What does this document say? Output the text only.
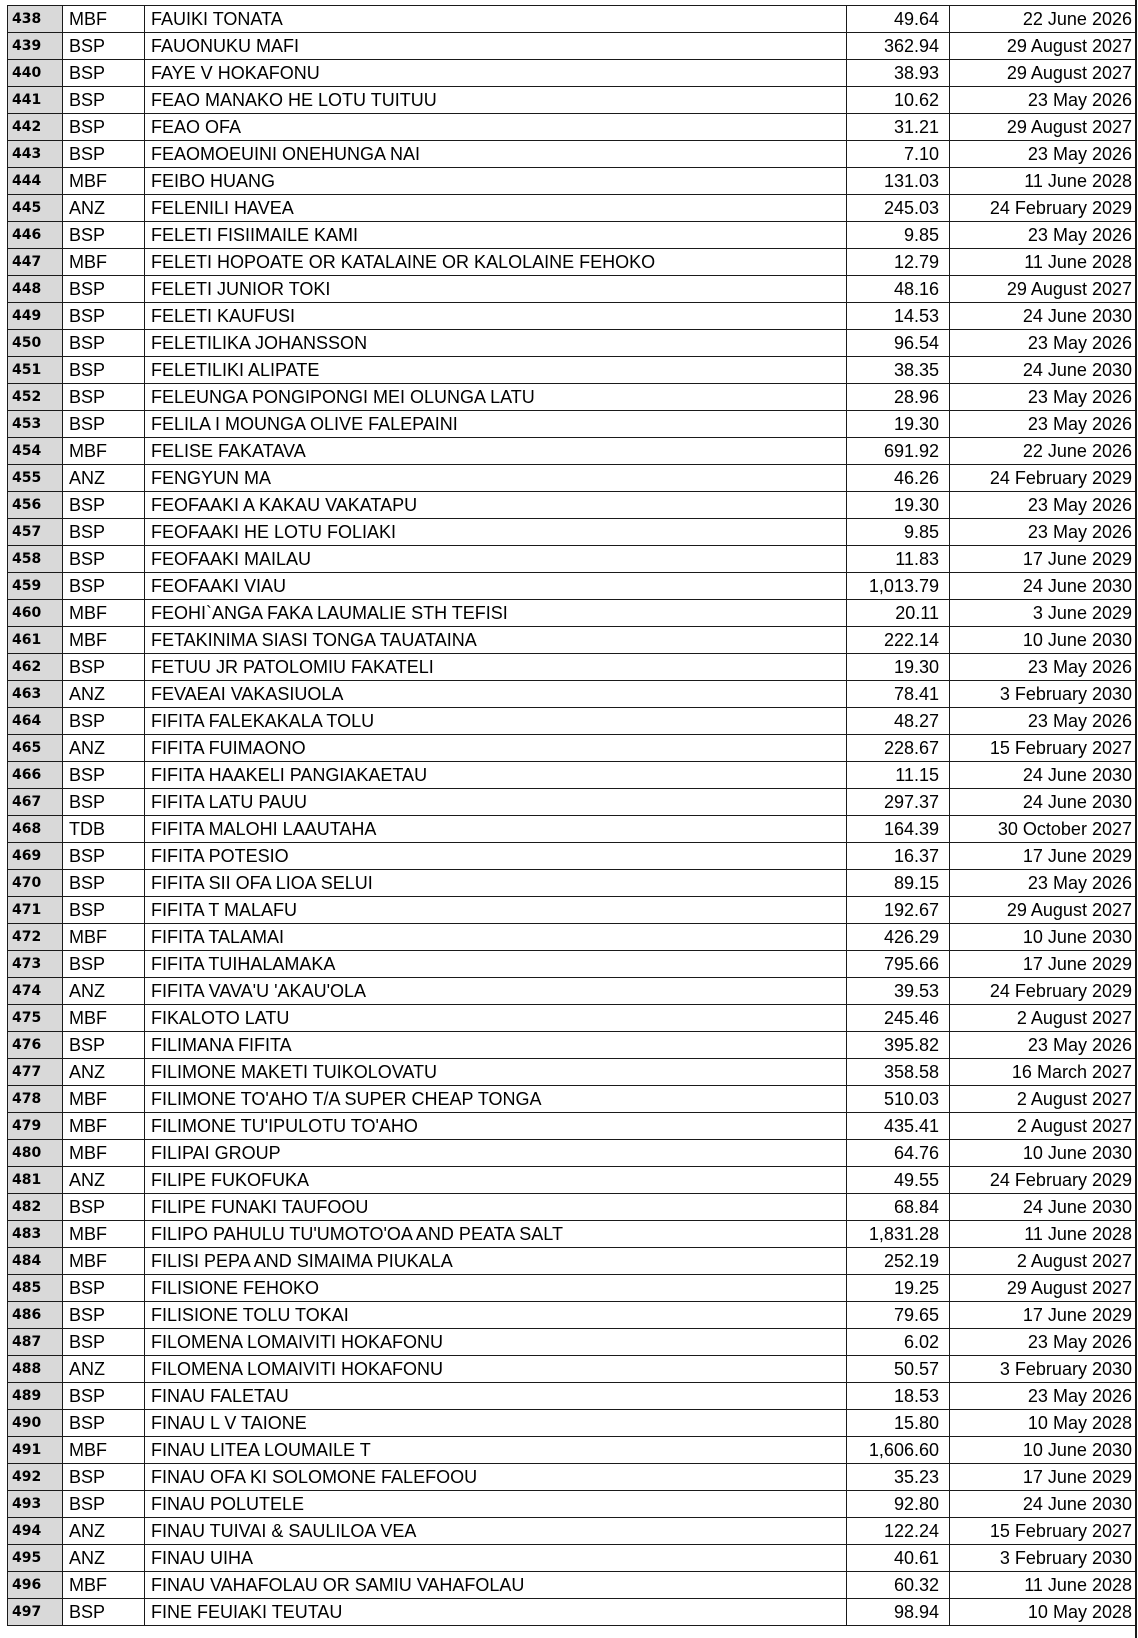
438	MBF	FAUIKI TONATA	49.64	22 June 2026
439	BSP	FAUONUKU MAFI	362.94	29 August 2027
440	BSP	FAYE V HOKAFONU	38.93	29 August 2027
441	BSP	FEAO MANAKO HE LOTU TUITUU	10.62	23 May 2026
442	BSP	FEAO OFA	31.21	29 August 2027
443	BSP	FEAOMOEUINI ONEHUNGA NAI	7.10	23 May 2026
444	MBF	FEIBO HUANG	131.03	11 June 2028
445	ANZ	FELENILI HAVEA	245.03	24 February 2029
446	BSP	FELETI FISIIMAILE KAMI	9.85	23 May 2026
447	MBF	FELETI HOPOATE OR KATALAINE OR KALOLAINE FEHOKO	12.79	11 June 2028
448	BSP	FELETI JUNIOR TOKI	48.16	29 August 2027
449	BSP	FELETI KAUFUSI	14.53	24 June 2030
450	BSP	FELETILIKA JOHANSSON	96.54	23 May 2026
451	BSP	FELETILIKI ALIPATE	38.35	24 June 2030
452	BSP	FELEUNGA PONGIPONGI MEI OLUNGA LATU	28.96	23 May 2026
453	BSP	FELILA I MOUNGA OLIVE FALEPAINI	19.30	23 May 2026
454	MBF	FELISE FAKATAVA	691.92	22 June 2026
455	ANZ	FENGYUN MA	46.26	24 February 2029
456	BSP	FEOFAAKI A KAKAU VAKATAPU	19.30	23 May 2026
457	BSP	FEOFAAKI HE LOTU FOLIAKI	9.85	23 May 2026
458	BSP	FEOFAAKI MAILAU	11.83	17 June 2029
459	BSP	FEOFAAKI VIAU	1,013.79	24 June 2030
460	MBF	FEOHI`ANGA FAKA LAUMALIE STH TEFISI	20.11	3 June 2029
461	MBF	FETAKINIMA SIASI TONGA TAUATAINA	222.14	10 June 2030
462	BSP	FETUU JR PATOLOMIU FAKATELI	19.30	23 May 2026
463	ANZ	FEVAEAI VAKASIUOLA	78.41	3 February 2030
464	BSP	FIFITA FALEKAKALA TOLU	48.27	23 May 2026
465	ANZ	FIFITA FUIMAONO	228.67	15 February 2027
466	BSP	FIFITA HAAKELI PANGIAKAETAU	11.15	24 June 2030
467	BSP	FIFITA LATU PAUU	297.37	24 June 2030
468	TDB	FIFITA MALOHI LAAUTAHA	164.39	30 October 2027
469	BSP	FIFITA POTESIO	16.37	17 June 2029
470	BSP	FIFITA SII OFA LIOA SELUI	89.15	23 May 2026
471	BSP	FIFITA T MALAFU	192.67	29 August 2027
472	MBF	FIFITA TALAMAI	426.29	10 June 2030
473	BSP	FIFITA TUIHALAMAKA	795.66	17 June 2029
474	ANZ	FIFITA VAVA'U 'AKAU'OLA	39.53	24 February 2029
475	MBF	FIKALOTO LATU	245.46	2 August 2027
476	BSP	FILIMANA FIFITA	395.82	23 May 2026
477	ANZ	FILIMONE MAKETI TUIKOLOVATU	358.58	16 March 2027
478	MBF	FILIMONE TO'AHO T/A SUPER CHEAP TONGA	510.03	2 August 2027
479	MBF	FILIMONE TU'IPULOTU TO'AHO	435.41	2 August 2027
480	MBF	FILIPAI GROUP	64.76	10 June 2030
481	ANZ	FILIPE FUKOFUKA	49.55	24 February 2029
482	BSP	FILIPE FUNAKI TAUFOOU	68.84	24 June 2030
483	MBF	FILIPO PAHULU TU'UMOTO'OA AND PEATA SALT	1,831.28	11 June 2028
484	MBF	FILISI PEPA AND SIMAIMA PIUKALA	252.19	2 August 2027
485	BSP	FILISIONE FEHOKO	19.25	29 August 2027
486	BSP	FILISIONE TOLU TOKAI	79.65	17 June 2029
487	BSP	FILOMENA LOMAIVITI HOKAFONU	6.02	23 May 2026
488	ANZ	FILOMENA LOMAIVITI HOKAFONU	50.57	3 February 2030
489	BSP	FINAU FALETAU	18.53	23 May 2026
490	BSP	FINAU L V TAIONE	15.80	10 May 2028
491	MBF	FINAU LITEA LOUMAILE T	1,606.60	10 June 2030
492	BSP	FINAU OFA KI SOLOMONE FALEFOOU	35.23	17 June 2029
493	BSP	FINAU POLUTELE	92.80	24 June 2030
494	ANZ	FINAU TUIVAI & SAULILOA VEA	122.24	15 February 2027
495	ANZ	FINAU UIHA	40.61	3 February 2030
496	MBF	FINAU VAHAFOLAU OR SAMIU VAHAFOLAU	60.32	11 June 2028
497	BSP	FINE FEUIAKI TEUTAU	98.94	10 May 2028
